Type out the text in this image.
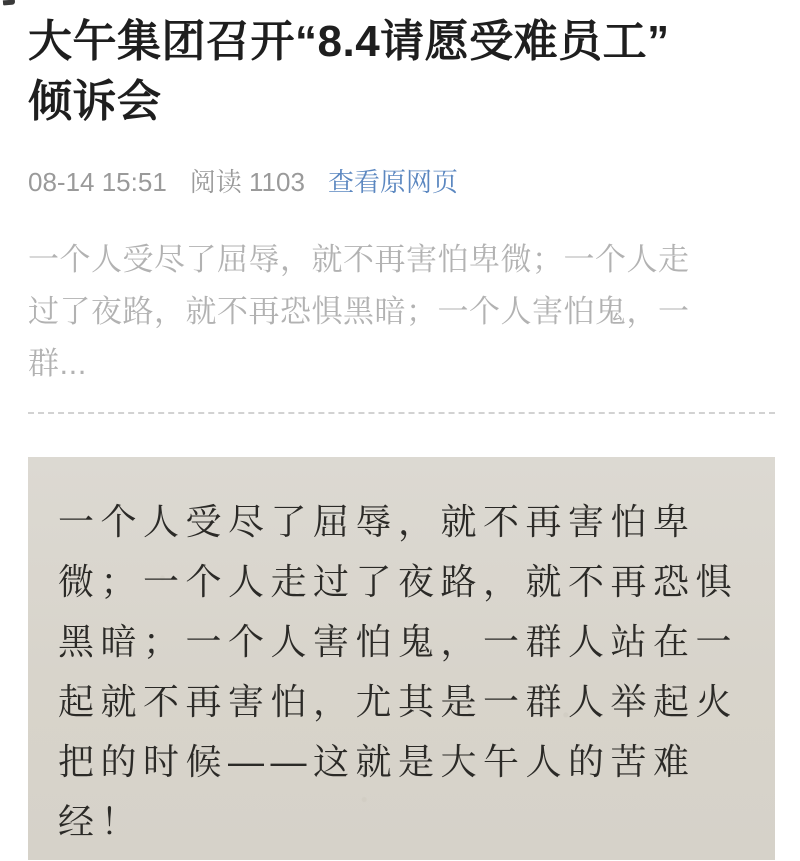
大午集团召开“8.4请愿受难员工”
倾诉会
08-14 15:51 阅读 1103 查看原网页
一个人受尽了屈辱，就不再害怕卑微；一个人走
过了夜路，就不再恐惧黑暗；一个人害怕鬼，一
群...
一个人受尽了屈辱，就不再害怕卑
微；一个人走过了夜路，就不再恐惧
黑暗；一个人害怕鬼，一群人站在一
起就不再害怕，尤其是一群人举起火
把的时候——这就是大午人的苦难
经！
